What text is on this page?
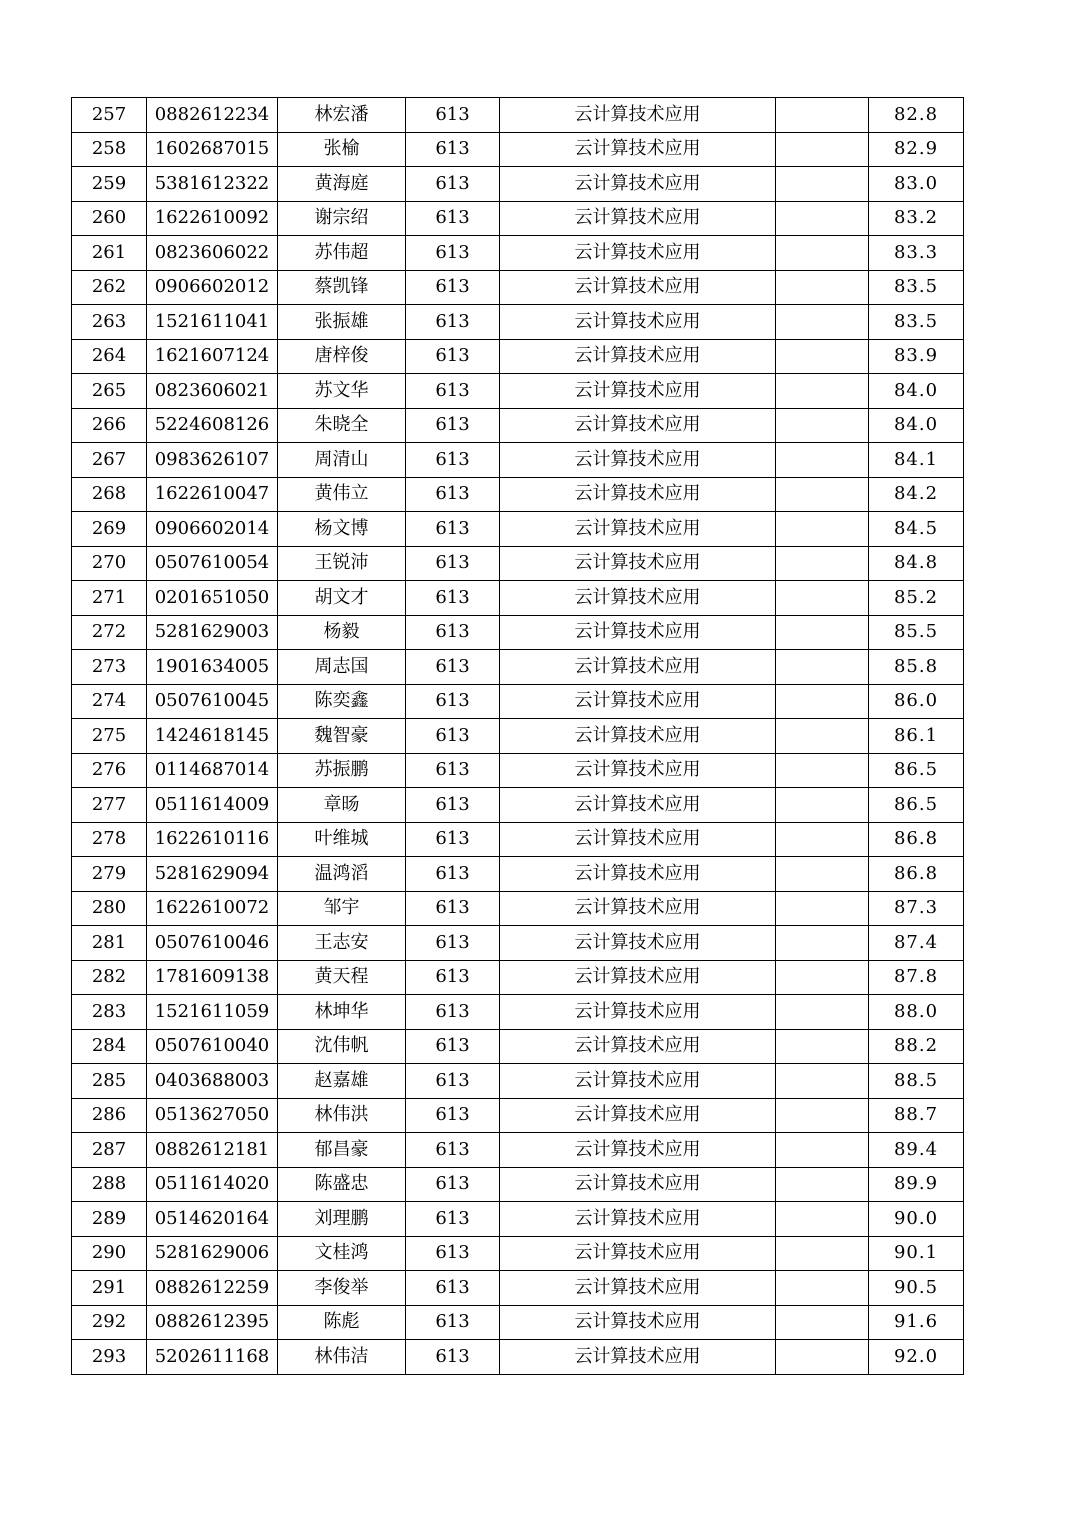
257	0882612234	林宏潘	613	云计算技术应用		82.8
258	1602687015	张榆	613	云计算技术应用		82.9
259	5381612322	黄海庭	613	云计算技术应用		83.0
260	1622610092	谢宗绍	613	云计算技术应用		83.2
261	0823606022	苏伟超	613	云计算技术应用		83.3
262	0906602012	蔡凯锋	613	云计算技术应用		83.5
263	1521611041	张振雄	613	云计算技术应用		83.5
264	1621607124	唐梓俊	613	云计算技术应用		83.9
265	0823606021	苏文华	613	云计算技术应用		84.0
266	5224608126	朱晓全	613	云计算技术应用		84.0
267	0983626107	周清山	613	云计算技术应用		84.1
268	1622610047	黄伟立	613	云计算技术应用		84.2
269	0906602014	杨文博	613	云计算技术应用		84.5
270	0507610054	王锐沛	613	云计算技术应用		84.8
271	0201651050	胡文才	613	云计算技术应用		85.2
272	5281629003	杨毅	613	云计算技术应用		85.5
273	1901634005	周志国	613	云计算技术应用		85.8
274	0507610045	陈奕鑫	613	云计算技术应用		86.0
275	1424618145	魏智豪	613	云计算技术应用		86.1
276	0114687014	苏振鹏	613	云计算技术应用		86.5
277	0511614009	章旸	613	云计算技术应用		86.5
278	1622610116	叶维城	613	云计算技术应用		86.8
279	5281629094	温鸿滔	613	云计算技术应用		86.8
280	1622610072	邹宇	613	云计算技术应用		87.3
281	0507610046	王志安	613	云计算技术应用		87.4
282	1781609138	黄天程	613	云计算技术应用		87.8
283	1521611059	林坤华	613	云计算技术应用		88.0
284	0507610040	沈伟帆	613	云计算技术应用		88.2
285	0403688003	赵嘉雄	613	云计算技术应用		88.5
286	0513627050	林伟洪	613	云计算技术应用		88.7
287	0882612181	郁昌豪	613	云计算技术应用		89.4
288	0511614020	陈盛忠	613	云计算技术应用		89.9
289	0514620164	刘理鹏	613	云计算技术应用		90.0
290	5281629006	文桂鸿	613	云计算技术应用		90.1
291	0882612259	李俊举	613	云计算技术应用		90.5
292	0882612395	陈彪	613	云计算技术应用		91.6
293	5202611168	林伟洁	613	云计算技术应用		92.0
